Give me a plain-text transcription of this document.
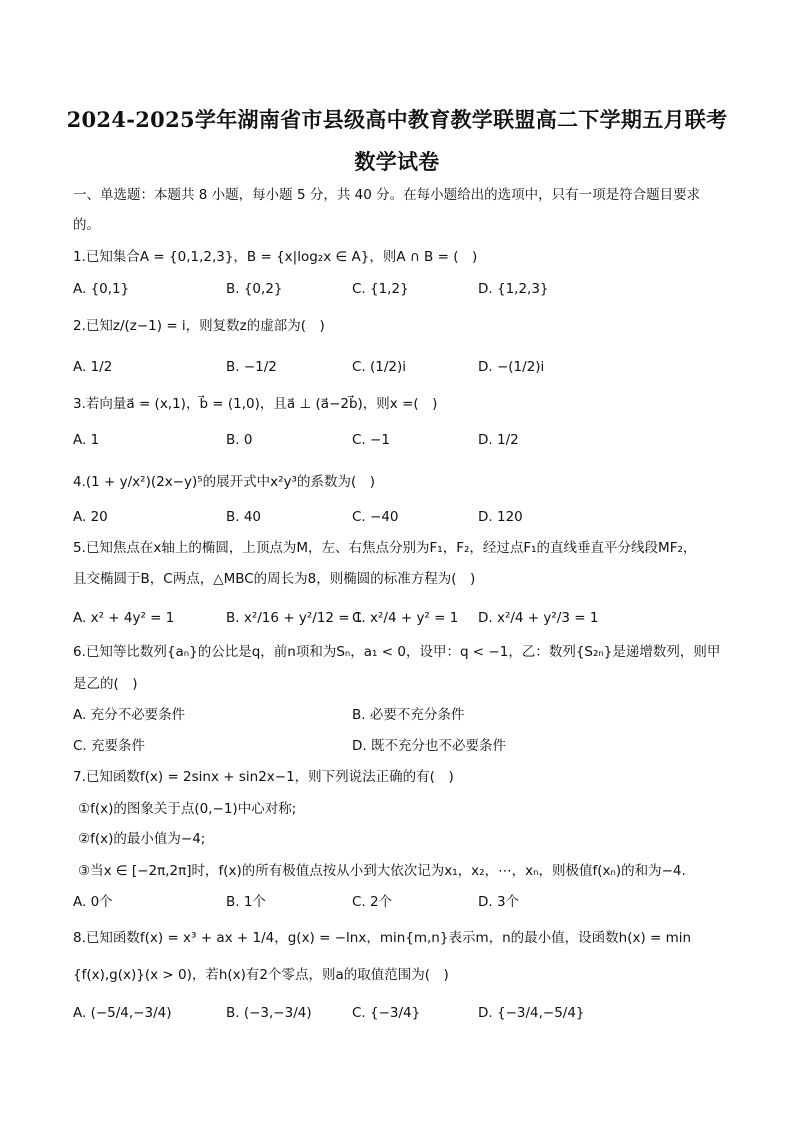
2024-2025学年湖南省市县级高中教育教学联盟高二下学期五月联考
数学试卷
一、单选题：本题共 8 小题，每小题 5 分，共 40 分。在每小题给出的选项中，只有一项是符合题目要求
的。
1.已知集合A = {0,1,2,3}，B = {x|log₂x ∈ A}，则A ∩ B = (　)
A. {0,1}	B. {0,2}	C. {1,2}	D. {1,2,3}
2.已知z/(z−1) = i，则复数z的虚部为(　)
A. 1/2	B. −1/2	C. (1/2)i	D. −(1/2)i
3.若向量a⃗ = (x,1)，b⃗ = (1,0)，且a⃗ ⊥ (a⃗−2b⃗)，则x =(　)
A. 1	B. 0	C. −1	D. 1/2
4.(1 + y/x²)(2x−y)⁵的展开式中x²y³的系数为(　)
A. 20	B. 40	C. −40	D. 120
5.已知焦点在x轴上的椭圆，上顶点为M，左、右焦点分别为F₁，F₂，经过点F₁的直线垂直平分线段MF₂，
且交椭圆于B，C两点，△MBC的周长为8，则椭圆的标准方程为(　)
A. x² + 4y² = 1	B. x²/16 + y²/12 = 1
C. x²/4 + y² = 1 D. x²/4 + y²/3 = 1
6.已知等比数列{aₙ}的公比是q，前n项和为Sₙ，a₁ < 0，设甲：q < −1，乙：数列{S₂ₙ}是递增数列，则甲
是乙的(　)
A. 充分不必要条件	B. 必要不充分条件
C. 充要条件	D. 既不充分也不必要条件
7.已知函数f(x) = 2sinx + sin2x−1，则下列说法正确的有(　)
①f(x)的图象关于点(0,−1)中心对称;
②f(x)的最小值为−4;
③当x ∈ [−2π,2π]时，f(x)的所有极值点按从小到大依次记为x₁，x₂，⋯，xₙ，则极值f(xₙ)的和为−4.
A. 0个	B. 1个	C. 2个	D. 3个
8.已知函数f(x) = x³ + ax + 1/4，g(x) = −lnx，min{m,n}表示m，n的最小值，设函数h(x) = min
{f(x),g(x)}(x > 0)，若h(x)有2个零点，则a的取值范围为(　)
A. (−5/4,−3/4)	B. (−3,−3/4)	C. {−3/4}	D. {−3/4,−5/4}
